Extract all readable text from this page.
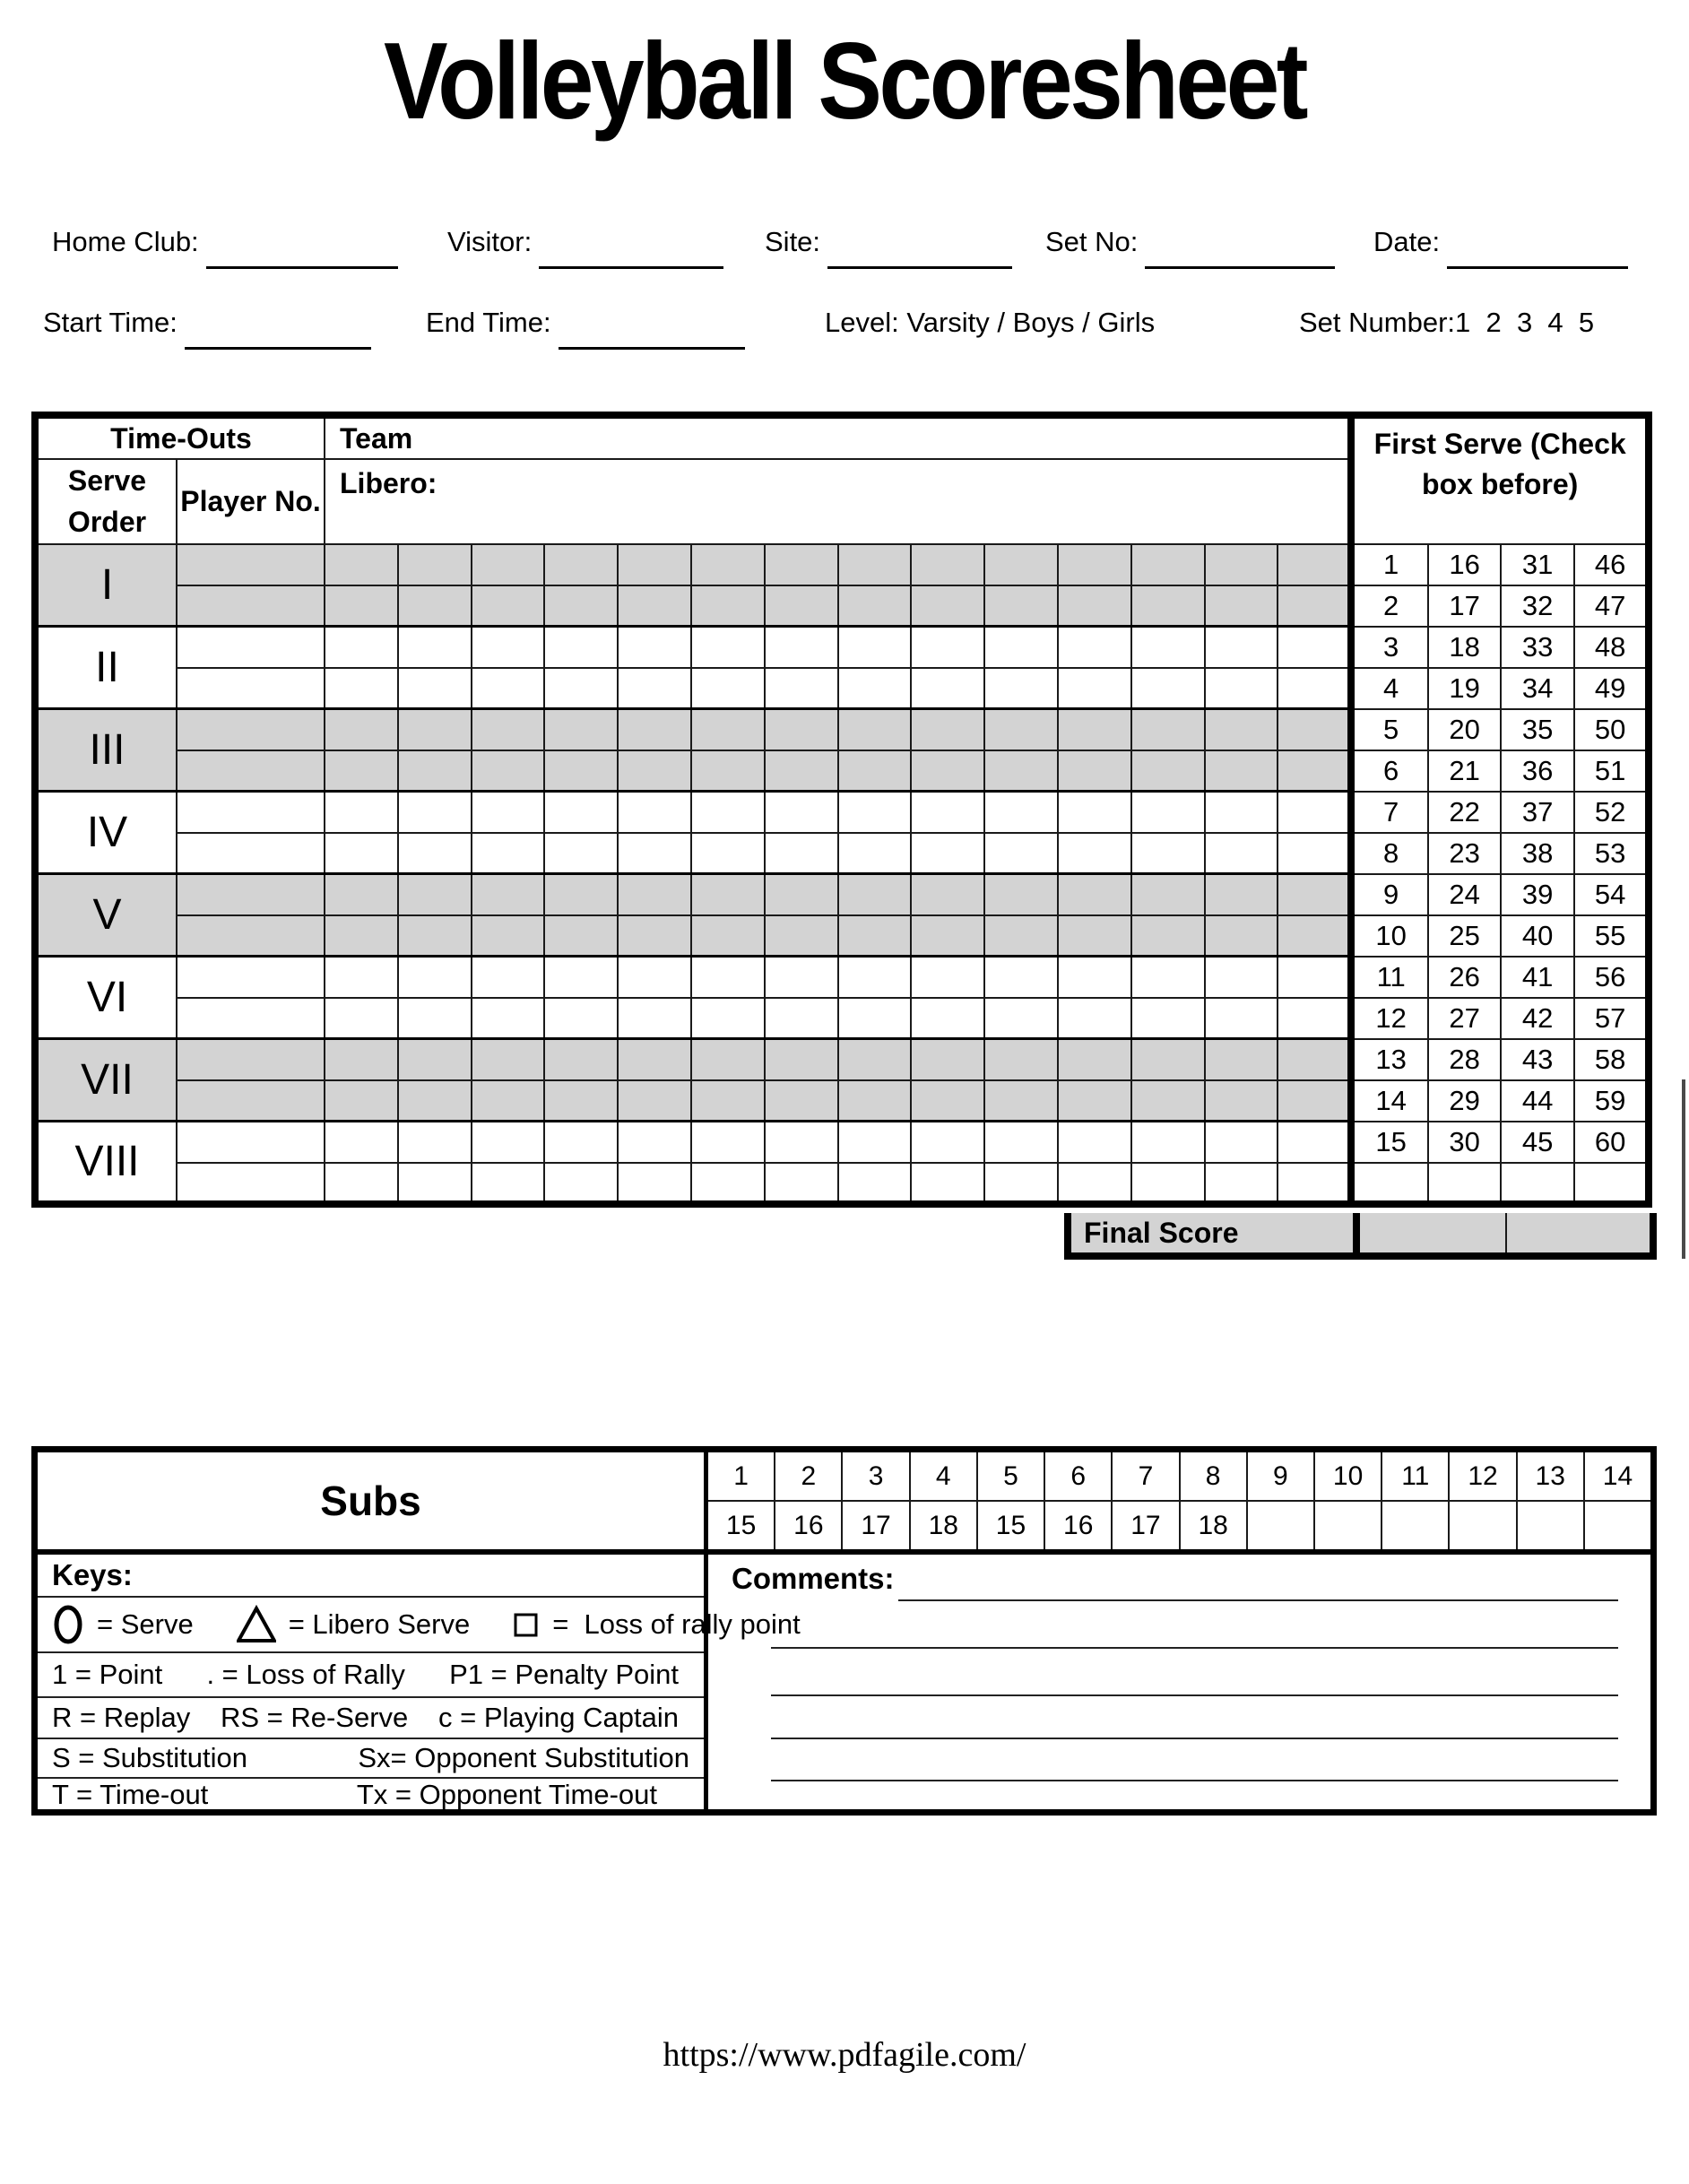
Volleyball Scoresheet
Home Club:	Visitor:	Site:	Set No:	Date:
Start Time:	End Time:	Level: Varsity / Boys / Girls	Set Number:1  2  3  4  5
Time-Outs		Team														First Serve (Check box before)			
Serve Order	Player No.	Libero:																	
I																1	16	31	46
																2	17	32	47
II																3	18	33	48
																4	19	34	49
III																5	20	35	50
																6	21	36	51
IV																7	22	37	52
																8	23	38	53
V																9	24	39	54
																10	25	40	55
VI																11	26	41	56
																12	27	42	57
VII																13	28	43	58
																14	29	44	59
VIII																15	30	45	60

Final Score
Subs
1	2	3	4	5	6	7	8	9	10	11	12	13	14
15	16	17	18	15	16	17	18
Keys:
= Serve	= Libero Serve	=  Loss of rally point
1 = Point . = Loss of Rally P1 = Penalty Point
R = Replay RS = Re-Serve c = Playing Captain
S = Substitution	Sx= Opponent Substitution
T = Time-out	Tx = Opponent Time-out
Comments:
https://www.pdfagile.com/
